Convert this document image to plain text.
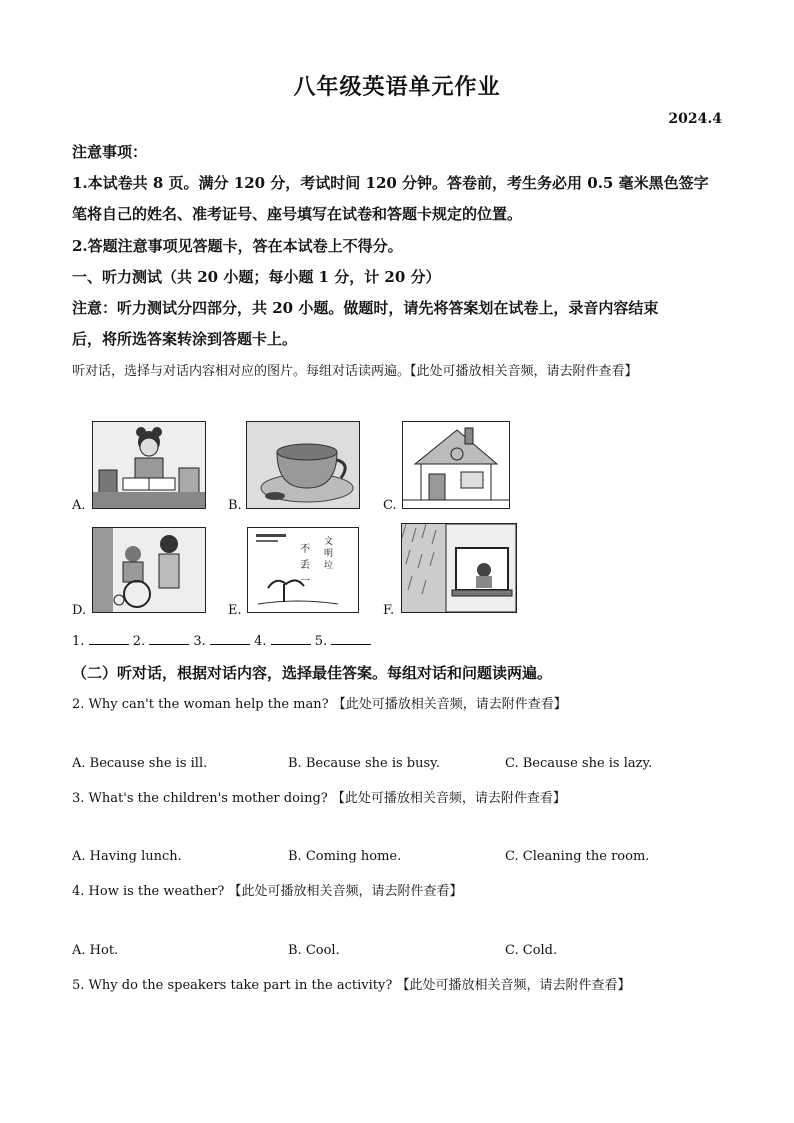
八年级英语单元作业
2024.4
注意事项：
1.本试卷共 8 页。满分 120 分，考试时间 120 分钟。答卷前，考生务必用 0.5 毫米黑色签字
笔将自己的姓名、准考证号、座号填写在试卷和答题卡规定的位置。
2.答题注意事项见答题卡，答在本试卷上不得分。
一、听力测试（共 20 小题；每小题 1 分，计 20 分）
注意：听力测试分四部分，共 20 小题。做题时，请先将答案划在试卷上，录音内容结束
后，将所选答案转涂到答题卡上。
听对话，选择与对话内容相对应的图片。每组对话读两遍。【此处可播放相关音频，请去附件查看】
A.	B.	C.
D.
不
丢
一
文
明
垃
E.	F.
1.	2.	3.	4.	5.
（二）听对话，根据对话内容，选择最佳答案。每组对话和问题读两遍。
2. Why can't the woman help the man? 【此处可播放相关音频，请去附件查看】
A. Because she is ill.	B. Because she is busy.	C. Because she is lazy.
3. What's the children's mother doing? 【此处可播放相关音频，请去附件查看】
A. Having lunch.	B. Coming home.	C. Cleaning the room.
4. How is the weather? 【此处可播放相关音频，请去附件查看】
A. Hot.	B. Cool.	C. Cold.
5. Why do the speakers take part in the activity? 【此处可播放相关音频，请去附件查看】
